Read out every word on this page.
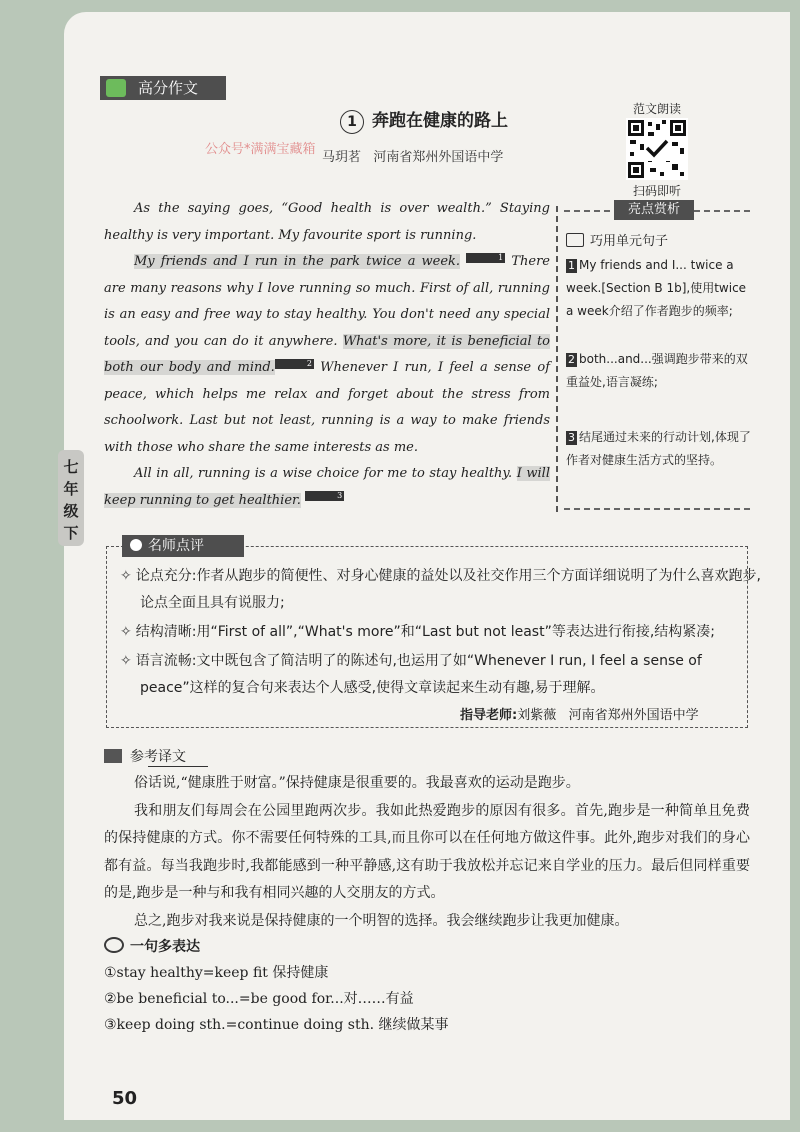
高分作文
1 奔跑在健康的路上
公众号*满满宝藏箱
马玥茗 河南省郑州外国语中学
范文朗读
扫码即听

As the saying goes, “Good health is over wealth.” Staying healthy is very important. My favourite sport is running.

My friends and I run in the park twice a week.	1 There are many reasons why I love running so much. First of all, running is an easy and free way to stay healthy. You don't need any special tools, and you can do it anywhere. What's more, it is beneficial to both our body and mind.	2 Whenever I run, I feel a sense of peace, which helps me relax and forget about the stress from schoolwork. Last but not least, running is a way to make friends with those who share the same interests as me.

All in all, running is a wise choice for me to stay healthy. I will keep running to get healthier.	3

亮点赏析
巧用单元句子
1 My friends and I... twice a week.[Section B 1b],使用twice a week介绍了作者跑步的频率;
2 both...and...强调跑步带来的双重益处,语言凝练;
3 结尾通过未来的行动计划,体现了作者对健康生活方式的坚持。
七年级下
名师点评
✧ 论点充分:作者从跑步的简便性、对身心健康的益处以及社交作用三个方面详细说明了为什么喜欢跑步,论点全面且具有说服力;
✧ 结构清晰:用“First of all”,“What's more”和“Last but not least”等表达进行衔接,结构紧凑;
✧ 语言流畅:文中既包含了简洁明了的陈述句,也运用了如“Whenever I run, I feel a sense of peace”这样的复合句来表达个人感受,使得文章读起来生动有趣,易于理解。
指导老师:刘紫薇 河南省郑州外国语中学
参考译文

俗话说,“健康胜于财富。”保持健康是很重要的。我最喜欢的运动是跑步。

我和朋友们每周会在公园里跑两次步。我如此热爱跑步的原因有很多。首先,跑步是一种简单且免费的保持健康的方式。你不需要任何特殊的工具,而且你可以在任何地方做这件事。此外,跑步对我们的身心都有益。每当我跑步时,我都能感到一种平静感,这有助于我放松并忘记来自学业的压力。最后但同样重要的是,跑步是一种与和我有相同兴趣的人交朋友的方式。

总之,跑步对我来说是保持健康的一个明智的选择。我会继续跑步让我更加健康。

一句多表达
①stay healthy=keep fit 保持健康
②be beneficial to...=be good for...对……有益
③keep doing sth.=continue doing sth. 继续做某事
50
